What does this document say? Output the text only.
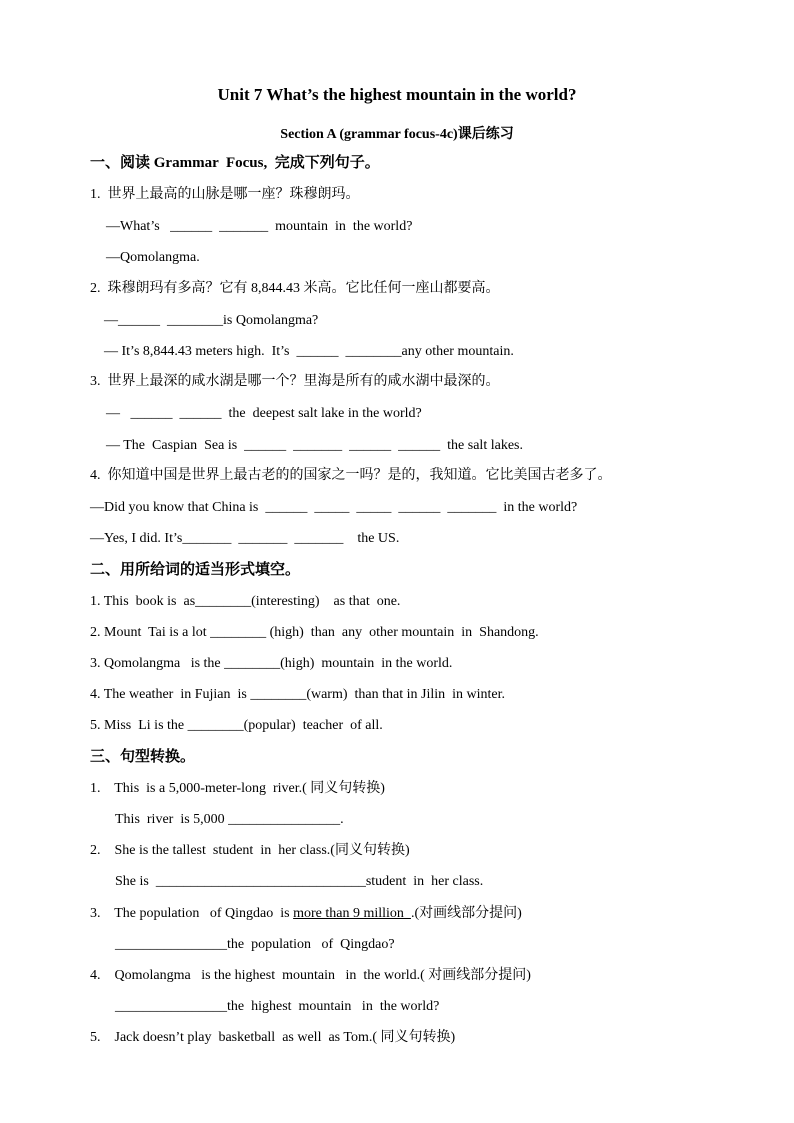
Unit 7 What’s the highest mountain in the world?
Section A (grammar focus-4c)课后练习
一、阅读 Grammar  Focus,  完成下列句子。
1.  世界上最高的山脉是哪一座？珠穆朗玛。
—What’s   ______  _______  mountain  in  the world?
—Qomolangma.
2.  珠穆朗玛有多高？它有 8,844.43 米高。它比任何一座山都要高。
—______  ________is Qomolangma?
— It’s 8,844.43 meters high.  It’s  ______  ________any other mountain.
3.  世界上最深的咸水湖是哪一个？里海是所有的咸水湖中最深的。
—   ______  ______  the  deepest salt lake in the world?
— The  Caspian  Sea is  ______  _______  ______  ______  the salt lakes.
4.  你知道中国是世界上最古老的的国家之一吗？是的，我知道。它比美国古老多了。
—Did you know that China is  ______  _____  _____  ______  _______  in the world?
—Yes, I did. It’s_______  _______  _______    the US.
二、用所给词的适当形式填空。
1. This  book is  as________(interesting)    as that  one.
2. Mount  Tai is a lot ________ (high)  than  any  other mountain  in  Shandong.
3. Qomolangma   is the ________(high)  mountain  in the world.
4. The weather  in Fujian  is ________(warm)  than that in Jilin  in winter.
5. Miss  Li is the ________(popular)  teacher  of all.
三、句型转换。
1.    This  is a 5,000-meter-long  river.( 同义句转换)
This  river  is 5,000 ________________.
2.    She is the tallest  student  in  her class.(同义句转换)
She is  ______________________________student  in  her class.
3.    The population   of Qingdao  is more than 9 million  .(对画线部分提问)
________________the  population   of  Qingdao?
4.    Qomolangma   is the highest  mountain   in  the world.( 对画线部分提问)
________________the  highest  mountain   in  the world?
5.    Jack doesn’t play  basketball  as well  as Tom.( 同义句转换)
